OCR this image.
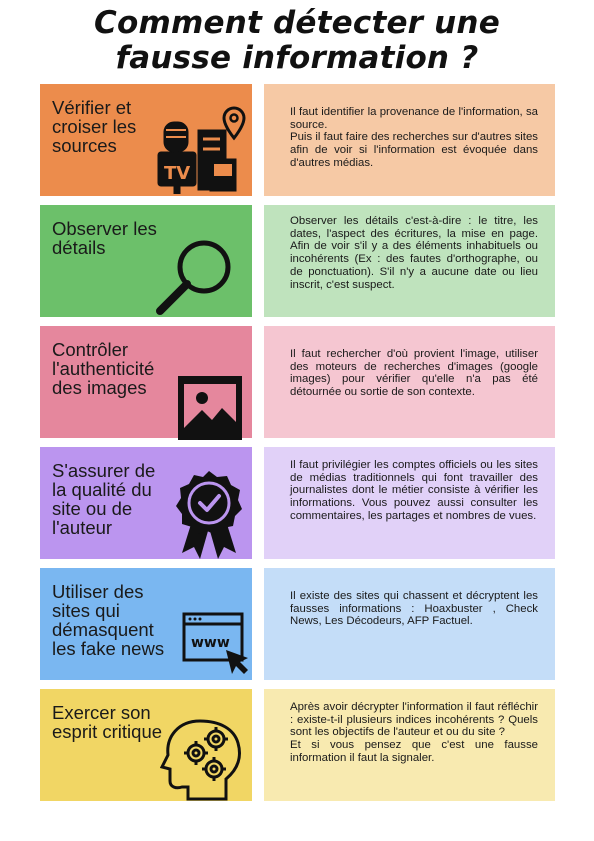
Comment détecter une
fausse information ?
Vérifier et
croiser les
sources
TV
Il faut identifier la provenance de l'information, sa source.
Puis il faut faire des recherches sur d'autres sites afin de voir si l'information est évoquée dans d'autres médias.
Observer les
détails
Observer les détails c'est-à-dire : le titre, les dates, l'aspect des écritures, la mise en page. Afin de voir s'il y a des éléments inhabituels ou incohérents (Ex : des fautes d'orthographe, ou de ponctuation). S'il n'y a aucune date ou lieu inscrit, c'est suspect.
Contrôler
l'authenticité
des images
Il faut rechercher d'où provient l'image, utiliser des moteurs de recherches d'images (google images) pour vérifier qu'elle n'a pas été détournée ou sortie de son contexte.
S'assurer de
la qualité du
site ou de
l'auteur
Il faut privilégier les comptes officiels ou les sites de médias traditionnels qui font travailler des journalistes dont le métier consiste à vérifier les informations. Vous pouvez aussi consulter les commentaires, les partages et nombres de vues.
Utiliser des
sites qui
démasquent
les fake news	www
Il existe des sites qui chassent et décryptent les fausses informations : Hoaxbuster , Check News, Les Décodeurs, AFP Factuel.
Exercer son
esprit critique
Après avoir décrypter l'information il faut réfléchir : existe-t-il plusieurs indices incohérents ? Quels sont les objectifs de l'auteur et ou du site ?
Et si vous pensez que c'est une fausse information il faut la signaler.
